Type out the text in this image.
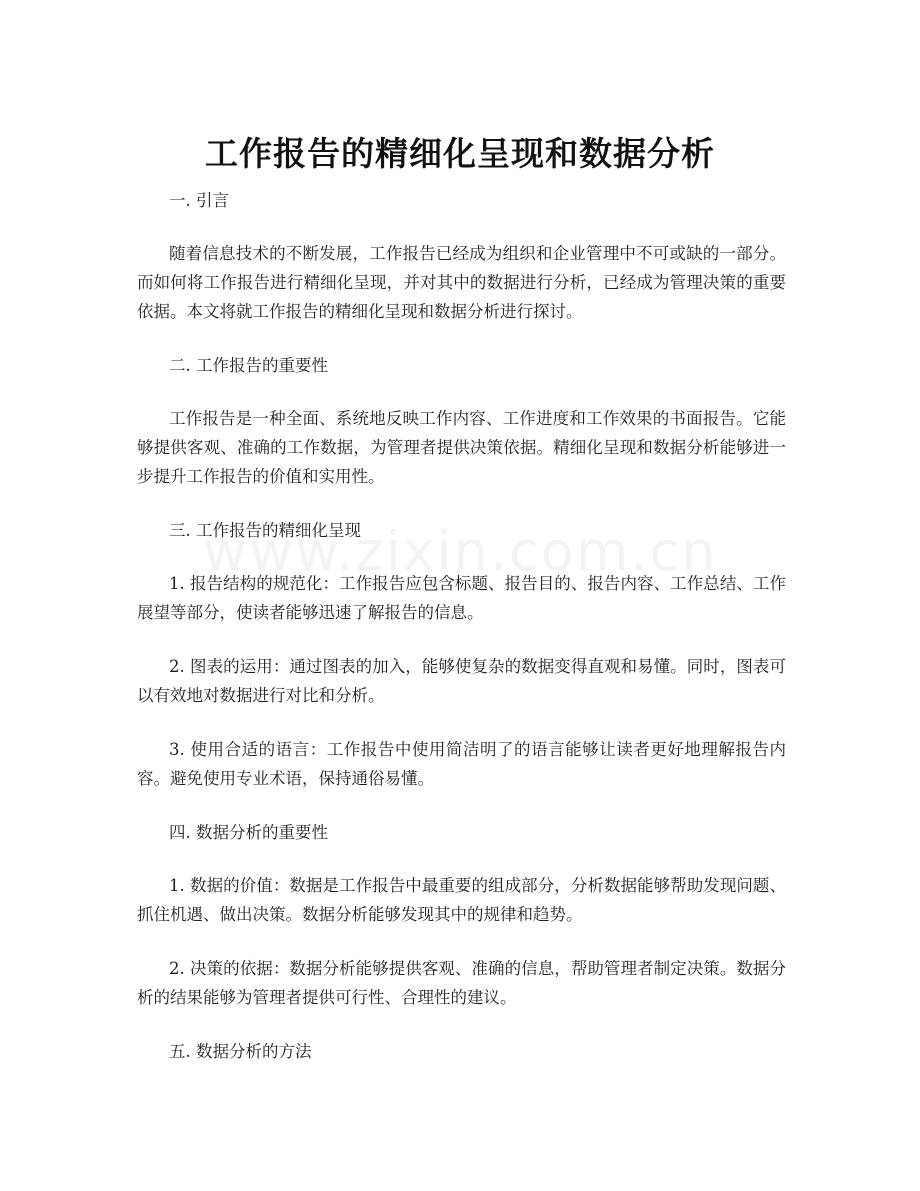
工作报告的精细化呈现和数据分析

一. 引言

随着信息技术的不断发展，工作报告已经成为组织和企业管理中不可或缺的一部分。而如何将工作报告进行精细化呈现，并对其中的数据进行分析，已经成为管理决策的重要依据。本文将就工作报告的精细化呈现和数据分析进行探讨。

二. 工作报告的重要性

工作报告是一种全面、系统地反映工作内容、工作进度和工作效果的书面报告。它能够提供客观、准确的工作数据，为管理者提供决策依据。精细化呈现和数据分析能够进一步提升工作报告的价值和实用性。

三. 工作报告的精细化呈现

1. 报告结构的规范化：工作报告应包含标题、报告目的、报告内容、工作总结、工作展望等部分，使读者能够迅速了解报告的信息。

2. 图表的运用：通过图表的加入，能够使复杂的数据变得直观和易懂。同时，图表可以有效地对数据进行对比和分析。

3. 使用合适的语言：工作报告中使用简洁明了的语言能够让读者更好地理解报告内容。避免使用专业术语，保持通俗易懂。

四. 数据分析的重要性

1. 数据的价值：数据是工作报告中最重要的组成部分，分析数据能够帮助发现问题、抓住机遇、做出决策。数据分析能够发现其中的规律和趋势。

2. 决策的依据：数据分析能够提供客观、准确的信息，帮助管理者制定决策。数据分析的结果能够为管理者提供可行性、合理性的建议。

五. 数据分析的方法
